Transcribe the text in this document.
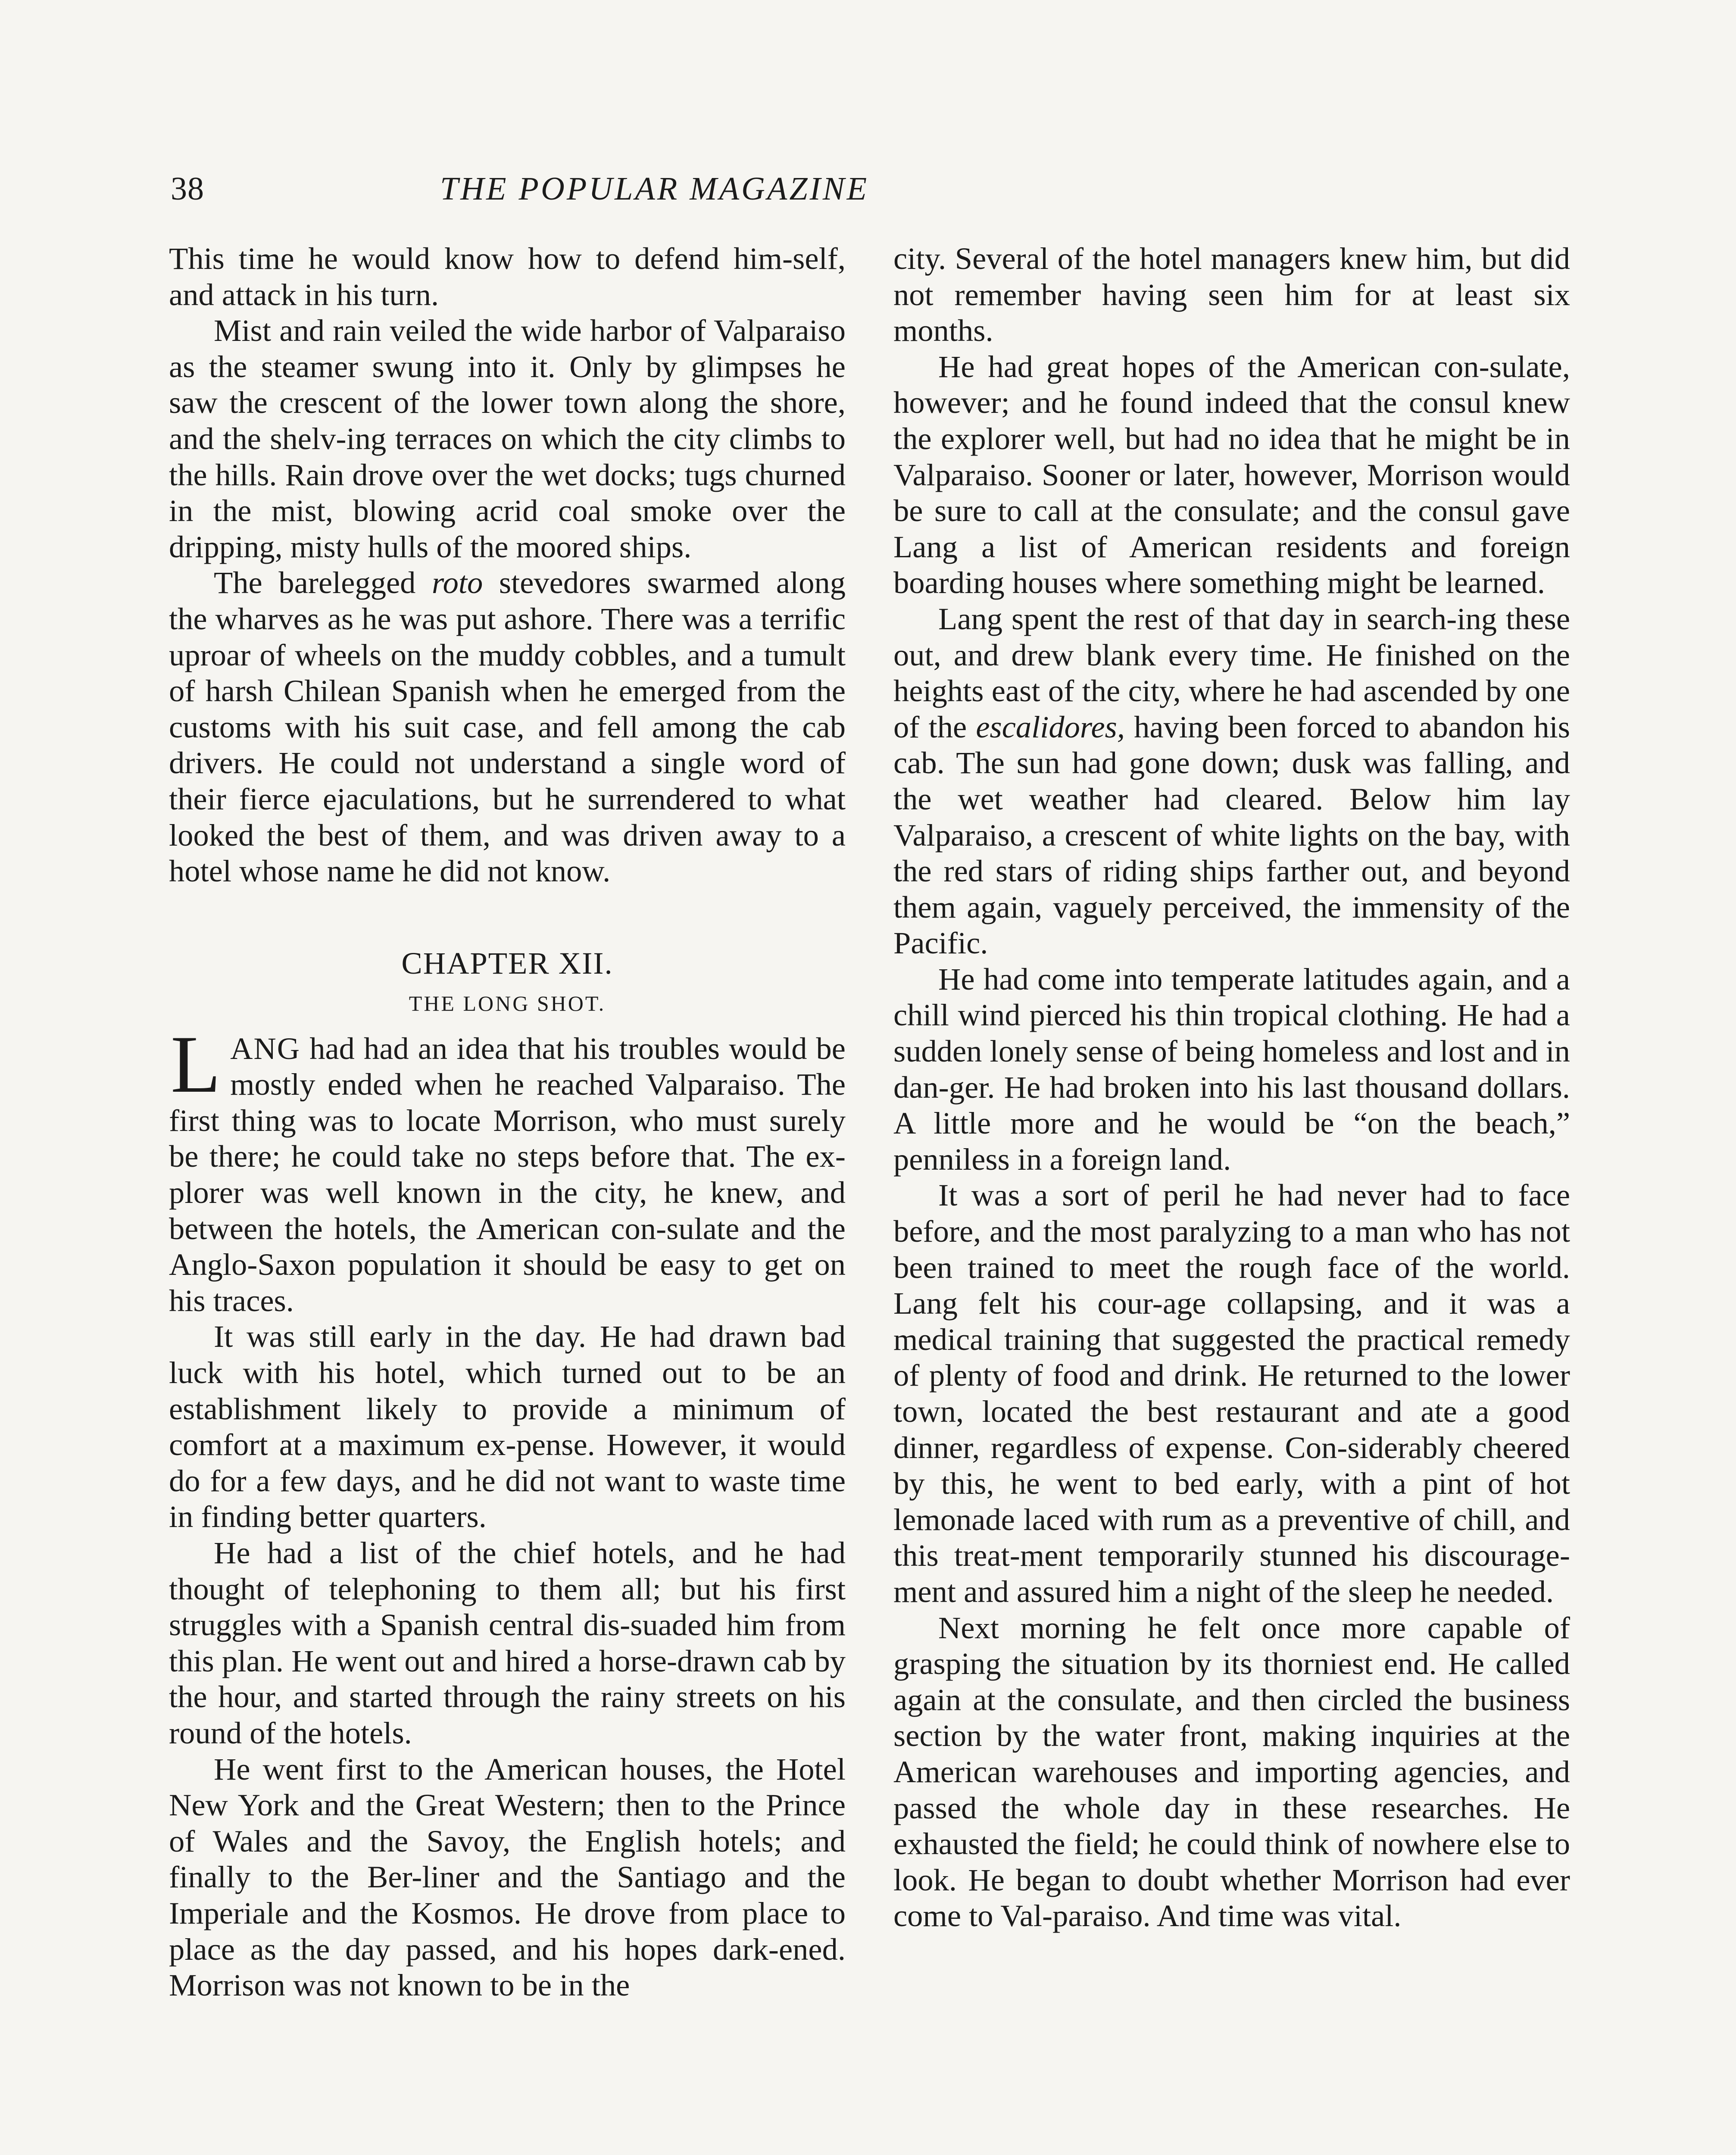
38	THE POPULAR MAGAZINE

This time he would know how to defend him-self, and attack in his turn.

Mist and rain veiled the wide harbor of Valparaiso as the steamer swung into it. Only by glimpses he saw the crescent of the lower town along the shore, and the shelv-ing terraces on which the city climbs to the hills. Rain drove over the wet docks; tugs churned in the mist, blowing acrid coal smoke over the dripping, misty hulls of the moored ships.

The barelegged roto stevedores swarmed along the wharves as he was put ashore. There was a terrific uproar of wheels on the muddy cobbles, and a tumult of harsh Chilean Spanish when he emerged from the customs with his suit case, and fell among the cab drivers. He could not understand a single word of their fierce ejaculations, but he surrendered to what looked the best of them, and was driven away to a hotel whose name he did not know.

CHAPTER XII.
THE LONG SHOT.

LANG had had an idea that his troubles would be mostly ended when he reached Valparaiso. The first thing was to locate Morrison, who must surely be there; he could take no steps before that. The ex-plorer was well known in the city, he knew, and between the hotels, the American con-sulate and the Anglo-Saxon population it should be easy to get on his traces.

It was still early in the day. He had drawn bad luck with his hotel, which turned out to be an establishment likely to provide a minimum of comfort at a maximum ex-pense. However, it would do for a few days, and he did not want to waste time in finding better quarters.

He had a list of the chief hotels, and he had thought of telephoning to them all; but his first struggles with a Spanish central dis-suaded him from this plan. He went out and hired a horse-drawn cab by the hour, and started through the rainy streets on his round of the hotels.

He went first to the American houses, the Hotel New York and the Great Western; then to the Prince of Wales and the Savoy, the English hotels; and finally to the Ber-liner and the Santiago and the Imperiale and the Kosmos. He drove from place to place as the day passed, and his hopes dark-ened. Morrison was not known to be in the

city. Several of the hotel managers knew him, but did not remember having seen him for at least six months.

He had great hopes of the American con-sulate, however; and he found indeed that the consul knew the explorer well, but had no idea that he might be in Valparaiso. Sooner or later, however, Morrison would be sure to call at the consulate; and the consul gave Lang a list of American residents and foreign boarding houses where something might be learned.

Lang spent the rest of that day in search-ing these out, and drew blank every time. He finished on the heights east of the city, where he had ascended by one of the escalidores, having been forced to abandon his cab. The sun had gone down; dusk was falling, and the wet weather had cleared. Below him lay Valparaiso, a crescent of white lights on the bay, with the red stars of riding ships farther out, and beyond them again, vaguely perceived, the immensity of the Pacific.

He had come into temperate latitudes again, and a chill wind pierced his thin tropical clothing. He had a sudden lonely sense of being homeless and lost and in dan-ger. He had broken into his last thousand dollars. A little more and he would be “on the beach,” penniless in a foreign land.

It was a sort of peril he had never had to face before, and the most paralyzing to a man who has not been trained to meet the rough face of the world. Lang felt his cour-age collapsing, and it was a medical training that suggested the practical remedy of plenty of food and drink. He returned to the lower town, located the best restaurant and ate a good dinner, regardless of expense. Con-siderably cheered by this, he went to bed early, with a pint of hot lemonade laced with rum as a preventive of chill, and this treat-ment temporarily stunned his discourage-ment and assured him a night of the sleep he needed.

Next morning he felt once more capable of grasping the situation by its thorniest end. He called again at the consulate, and then circled the business section by the water front, making inquiries at the American warehouses and importing agencies, and passed the whole day in these researches. He exhausted the field; he could think of nowhere else to look. He began to doubt whether Morrison had ever come to Val-paraiso. And time was vital.
